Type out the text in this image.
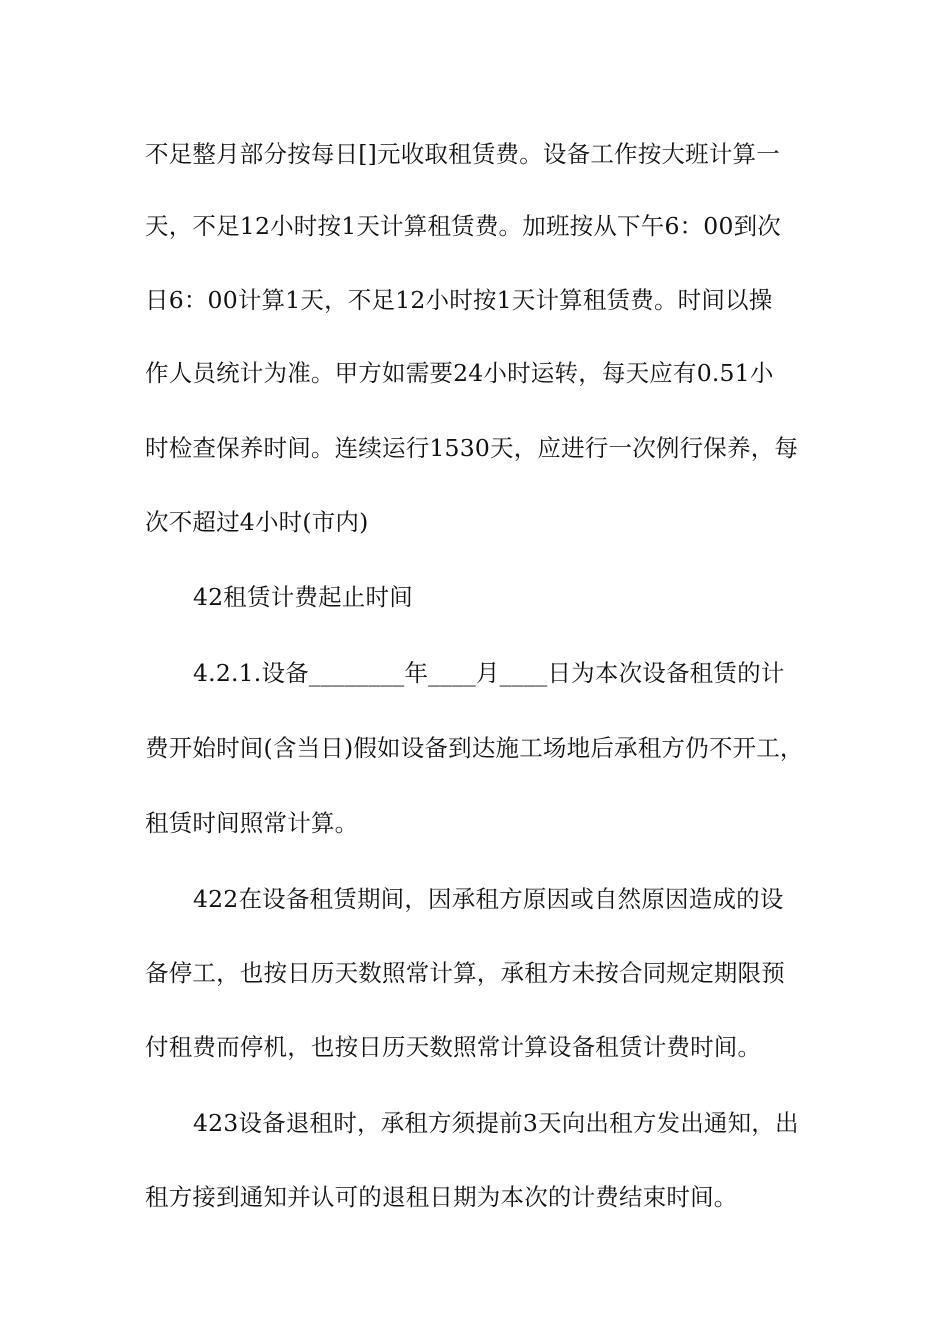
不足整月部分按每日[]元收取租赁费。设备工作按大班计算一
天，不足12小时按1天计算租赁费。加班按从下午6：00到次
日6：00计算1天，不足12小时按1天计算租赁费。时间以操
作人员统计为准。甲方如需要24小时运转，每天应有0.51小
时检查保养时间。连续运行1530天，应进行一次例行保养，每
次不超过4小时(市内)
42租赁计费起止时间
4.2.1.设备________年____月____日为本次设备租赁的计
费开始时间(含当日)假如设备到达施工场地后承租方仍不开工，
租赁时间照常计算。
422在设备租赁期间，因承租方原因或自然原因造成的设
备停工，也按日历天数照常计算，承租方未按合同规定期限预
付租费而停机，也按日历天数照常计算设备租赁计费时间。
423设备退租时，承租方须提前3天向出租方发出通知，出
租方接到通知并认可的退租日期为本次的计费结束时间。
